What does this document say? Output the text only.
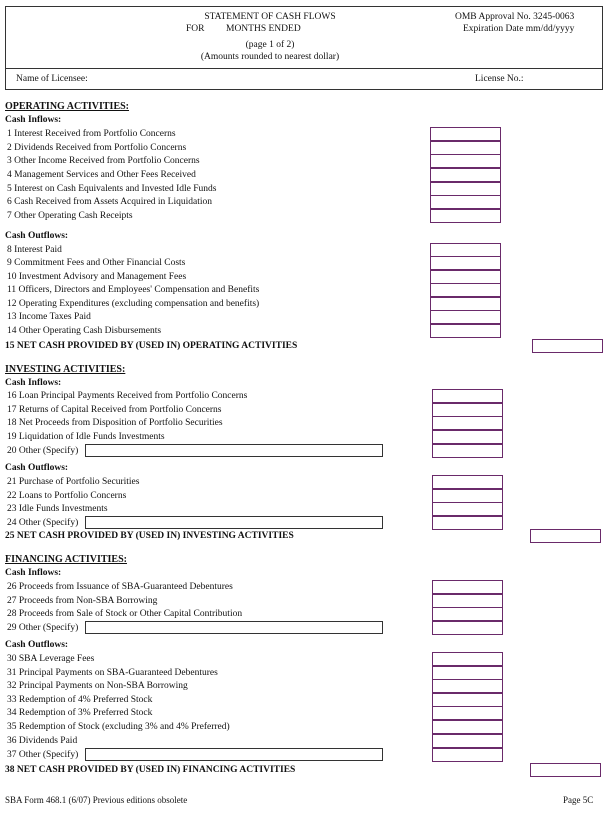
STATEMENT OF CASH FLOWS
FOR MONTHS ENDED
(page 1 of 2)
(Amounts rounded to nearest dollar)
OMB Approval No. 3245-0063
Expiration Date mm/dd/yyyy
Name of Licensee:	License No.:
OPERATING ACTIVITIES:
Cash Inflows:
1 Interest Received from Portfolio Concerns
2 Dividends Received from Portfolio Concerns
3 Other Income Received from Portfolio Concerns
4 Management Services and Other Fees Received
5 Interest on Cash Equivalents and Invested Idle Funds
6 Cash Received from Assets Acquired in Liquidation
7 Other Operating Cash Receipts
Cash Outflows:
8 Interest Paid
9 Commitment Fees and Other Financial Costs
10 Investment Advisory and Management Fees
11 Officers, Directors and Employees' Compensation and Benefits
12 Operating Expenditures (excluding compensation and benefits)
13 Income Taxes Paid
14 Other Operating Cash Disbursements
15 NET CASH PROVIDED BY (USED IN) OPERATING ACTIVITIES
INVESTING ACTIVITIES:
Cash Inflows:
16 Loan Principal Payments Received from Portfolio Concerns
17 Returns of Capital Received from Portfolio Concerns
18 Net Proceeds from Disposition of Portfolio Securities
19 Liquidation of Idle Funds Investments
20 Other (Specify)
Cash Outflows:
21 Purchase of Portfolio Securities
22 Loans to Portfolio Concerns
23 Idle Funds Investments
24 Other (Specify)
25 NET CASH PROVIDED BY (USED IN) INVESTING ACTIVITIES
FINANCING ACTIVITIES:
Cash Inflows:
26 Proceeds from Issuance of SBA-Guaranteed Debentures
27 Proceeds from Non-SBA Borrowing
28 Proceeds from Sale of Stock or Other Capital Contribution
29 Other (Specify)
Cash Outflows:
30 SBA Leverage Fees
31 Principal Payments on SBA-Guaranteed Debentures
32 Principal Payments on Non-SBA Borrowing
33 Redemption of 4% Preferred Stock
34 Redemption of 3% Preferred Stock
35 Redemption of Stock (excluding 3% and 4% Preferred)
36 Dividends Paid
37 Other (Specify)
38 NET CASH PROVIDED BY (USED IN) FINANCING ACTIVITIES
SBA Form 468.1 (6/07) Previous editions obsolete	Page 5C
